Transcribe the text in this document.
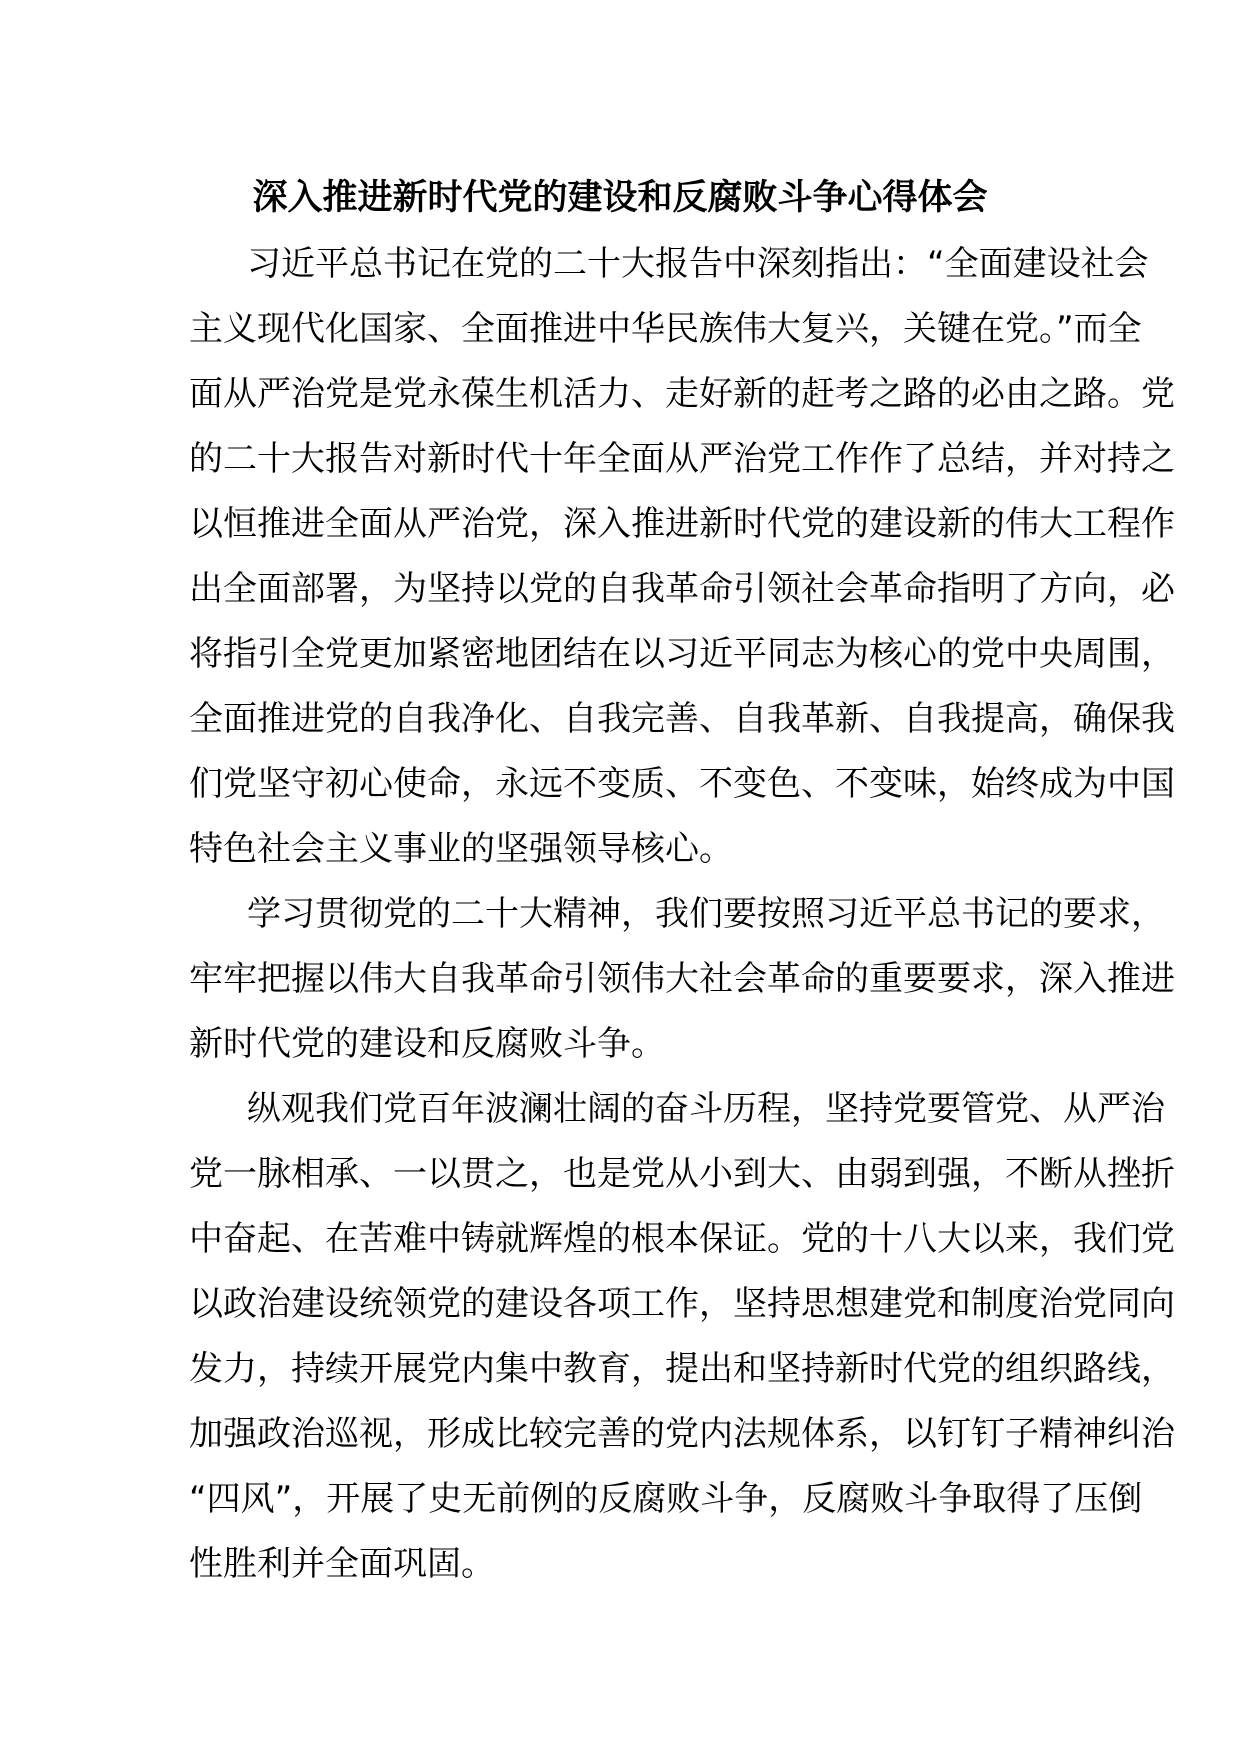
深入推进新时代党的建设和反腐败斗争心得体会
习近平总书记在党的二十大报告中深刻指出：“全面建设社会
主义现代化国家、全面推进中华民族伟大复兴，关键在党。”而全
面从严治党是党永葆生机活力、走好新的赶考之路的必由之路。党
的二十大报告对新时代十年全面从严治党工作作了总结，并对持之
以恒推进全面从严治党，深入推进新时代党的建设新的伟大工程作
出全面部署，为坚持以党的自我革命引领社会革命指明了方向，必
将指引全党更加紧密地团结在以习近平同志为核心的党中央周围，
全面推进党的自我净化、自我完善、自我革新、自我提高，确保我
们党坚守初心使命，永远不变质、不变色、不变味，始终成为中国
特色社会主义事业的坚强领导核心。
学习贯彻党的二十大精神，我们要按照习近平总书记的要求，
牢牢把握以伟大自我革命引领伟大社会革命的重要要求，深入推进
新时代党的建设和反腐败斗争。
纵观我们党百年波澜壮阔的奋斗历程，坚持党要管党、从严治
党一脉相承、一以贯之，也是党从小到大、由弱到强，不断从挫折
中奋起、在苦难中铸就辉煌的根本保证。党的十八大以来，我们党
以政治建设统领党的建设各项工作，坚持思想建党和制度治党同向
发力，持续开展党内集中教育，提出和坚持新时代党的组织路线，
加强政治巡视，形成比较完善的党内法规体系，以钉钉子精神纠治
“四风”，开展了史无前例的反腐败斗争，反腐败斗争取得了压倒
性胜利并全面巩固。
